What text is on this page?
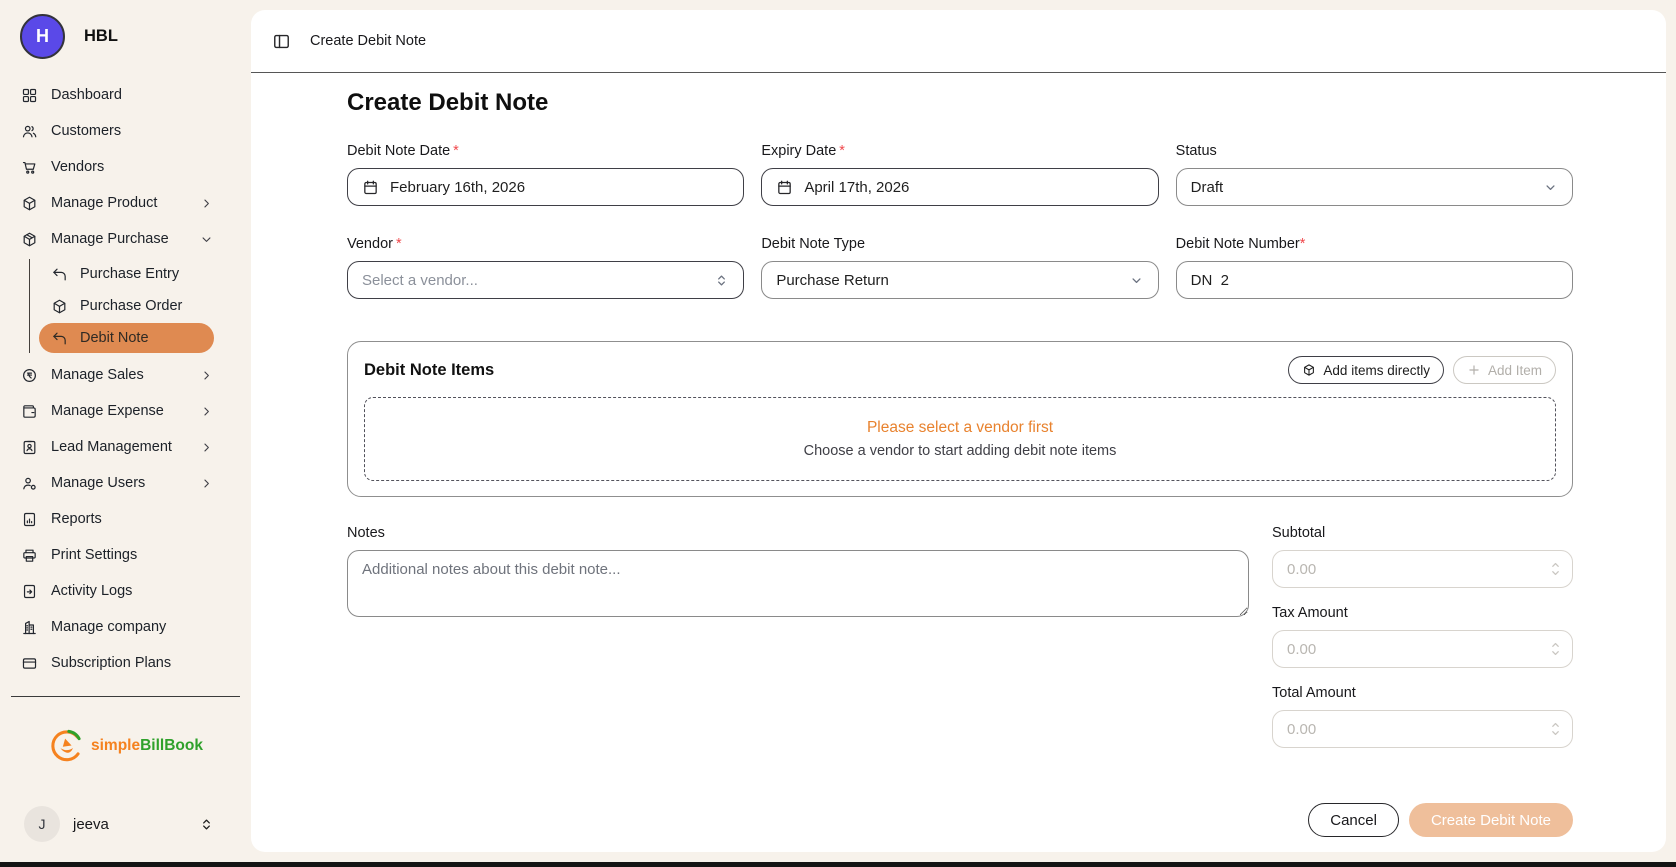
H	HBL
Dashboard
Customers
Vendors
Manage Product
Manage Purchase
Purchase Entry
Purchase Order
Debit Note
Manage Sales
Manage Expense
Lead Management
Manage Users
Reports
Print Settings
Activity Logs
Manage company
Subscription Plans
simpleBillBook
J	jeeva
Create Debit Note
Create Debit Note
Debit Note Date *
February 16th, 2026
Expiry Date *
April 17th, 2026
Status
Draft
Vendor *
Select a vendor...
Debit Note Type
Purchase Return
Debit Note Number*
DN  2
Debit Note Items	Add items directly	Add Item
Please select a vendor first
Choose a vendor to start adding debit note items
Notes
Additional notes about this debit note...	Subtotal
0.00
Tax Amount
0.00
Total Amount
0.00
Cancel	Create Debit Note
